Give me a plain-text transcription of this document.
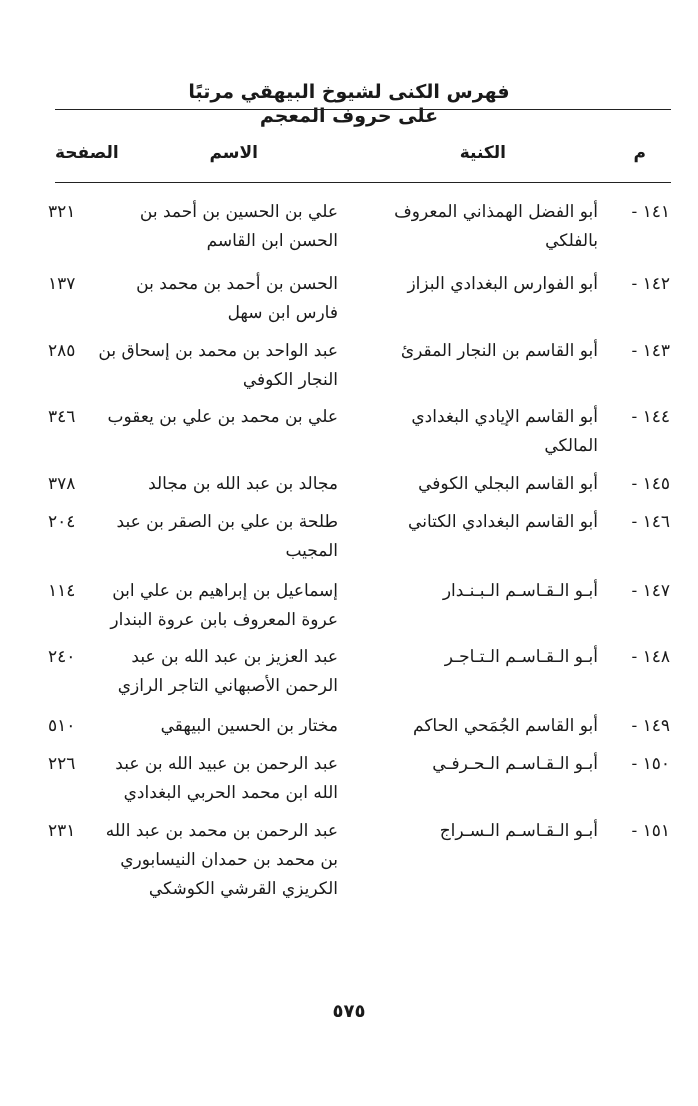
فهرس الكنى لشيوخ البيهقي مرتبًا على حروف المعجم
م
الكنية
الاسم
الصفحة
١٤١ -
أبو الفضل الهمذاني المعروف بالفلكي
علي بن الحسين بن أحمد بن الحسن ابن القاسم
٣٢١
١٤٢ -
أبو الفوارس البغدادي البزاز
الحسن بن أحمد بن محمد بن فارس ابن سهل
١٣٧
١٤٣ -
أبو القاسم بن النجار المقرئ
عبد الواحد بن محمد بن إسحاق بن النجار الكوفي
٢٨٥
١٤٤ -
أبو القاسم الإيادي البغدادي المالكي
علي بن محمد بن علي بن يعقوب
٣٤٦
١٤٥ -
أبو القاسم البجلي الكوفي
مجالد بن عبد الله بن مجالد
٣٧٨
١٤٦ -
أبو القاسم البغدادي الكتاني
طلحة بن علي بن الصقر بن عبد المجيب
٢٠٤
١٤٧ -
أبـو الـقـاسـم الـبـنـدار
إسماعيل بن إبراهيم بن علي ابن عروة المعروف بابن عروة البندار
١١٤
١٤٨ -
أبـو الـقـاسـم الـتـاجـر
عبد العزيز بن عبد الله بن عبد الرحمن الأصبهاني التاجر الرازي
٢٤٠
١٤٩ -
أبو القاسم الجُمَحي الحاكم
مختار بن الحسين البيهقي
٥١٠
١٥٠ -
أبـو الـقـاسـم الـحـرفـي
عبد الرحمن بن عبيد الله بن عبد الله ابن محمد الحربي البغدادي
٢٢٦
١٥١ -
أبـو الـقـاسـم الـسـراج
عبد الرحمن بن محمد بن عبد الله بن محمد بن حمدان النيسابوري الكريزي القرشي الكوشكي
٢٣١
٥٧٥
